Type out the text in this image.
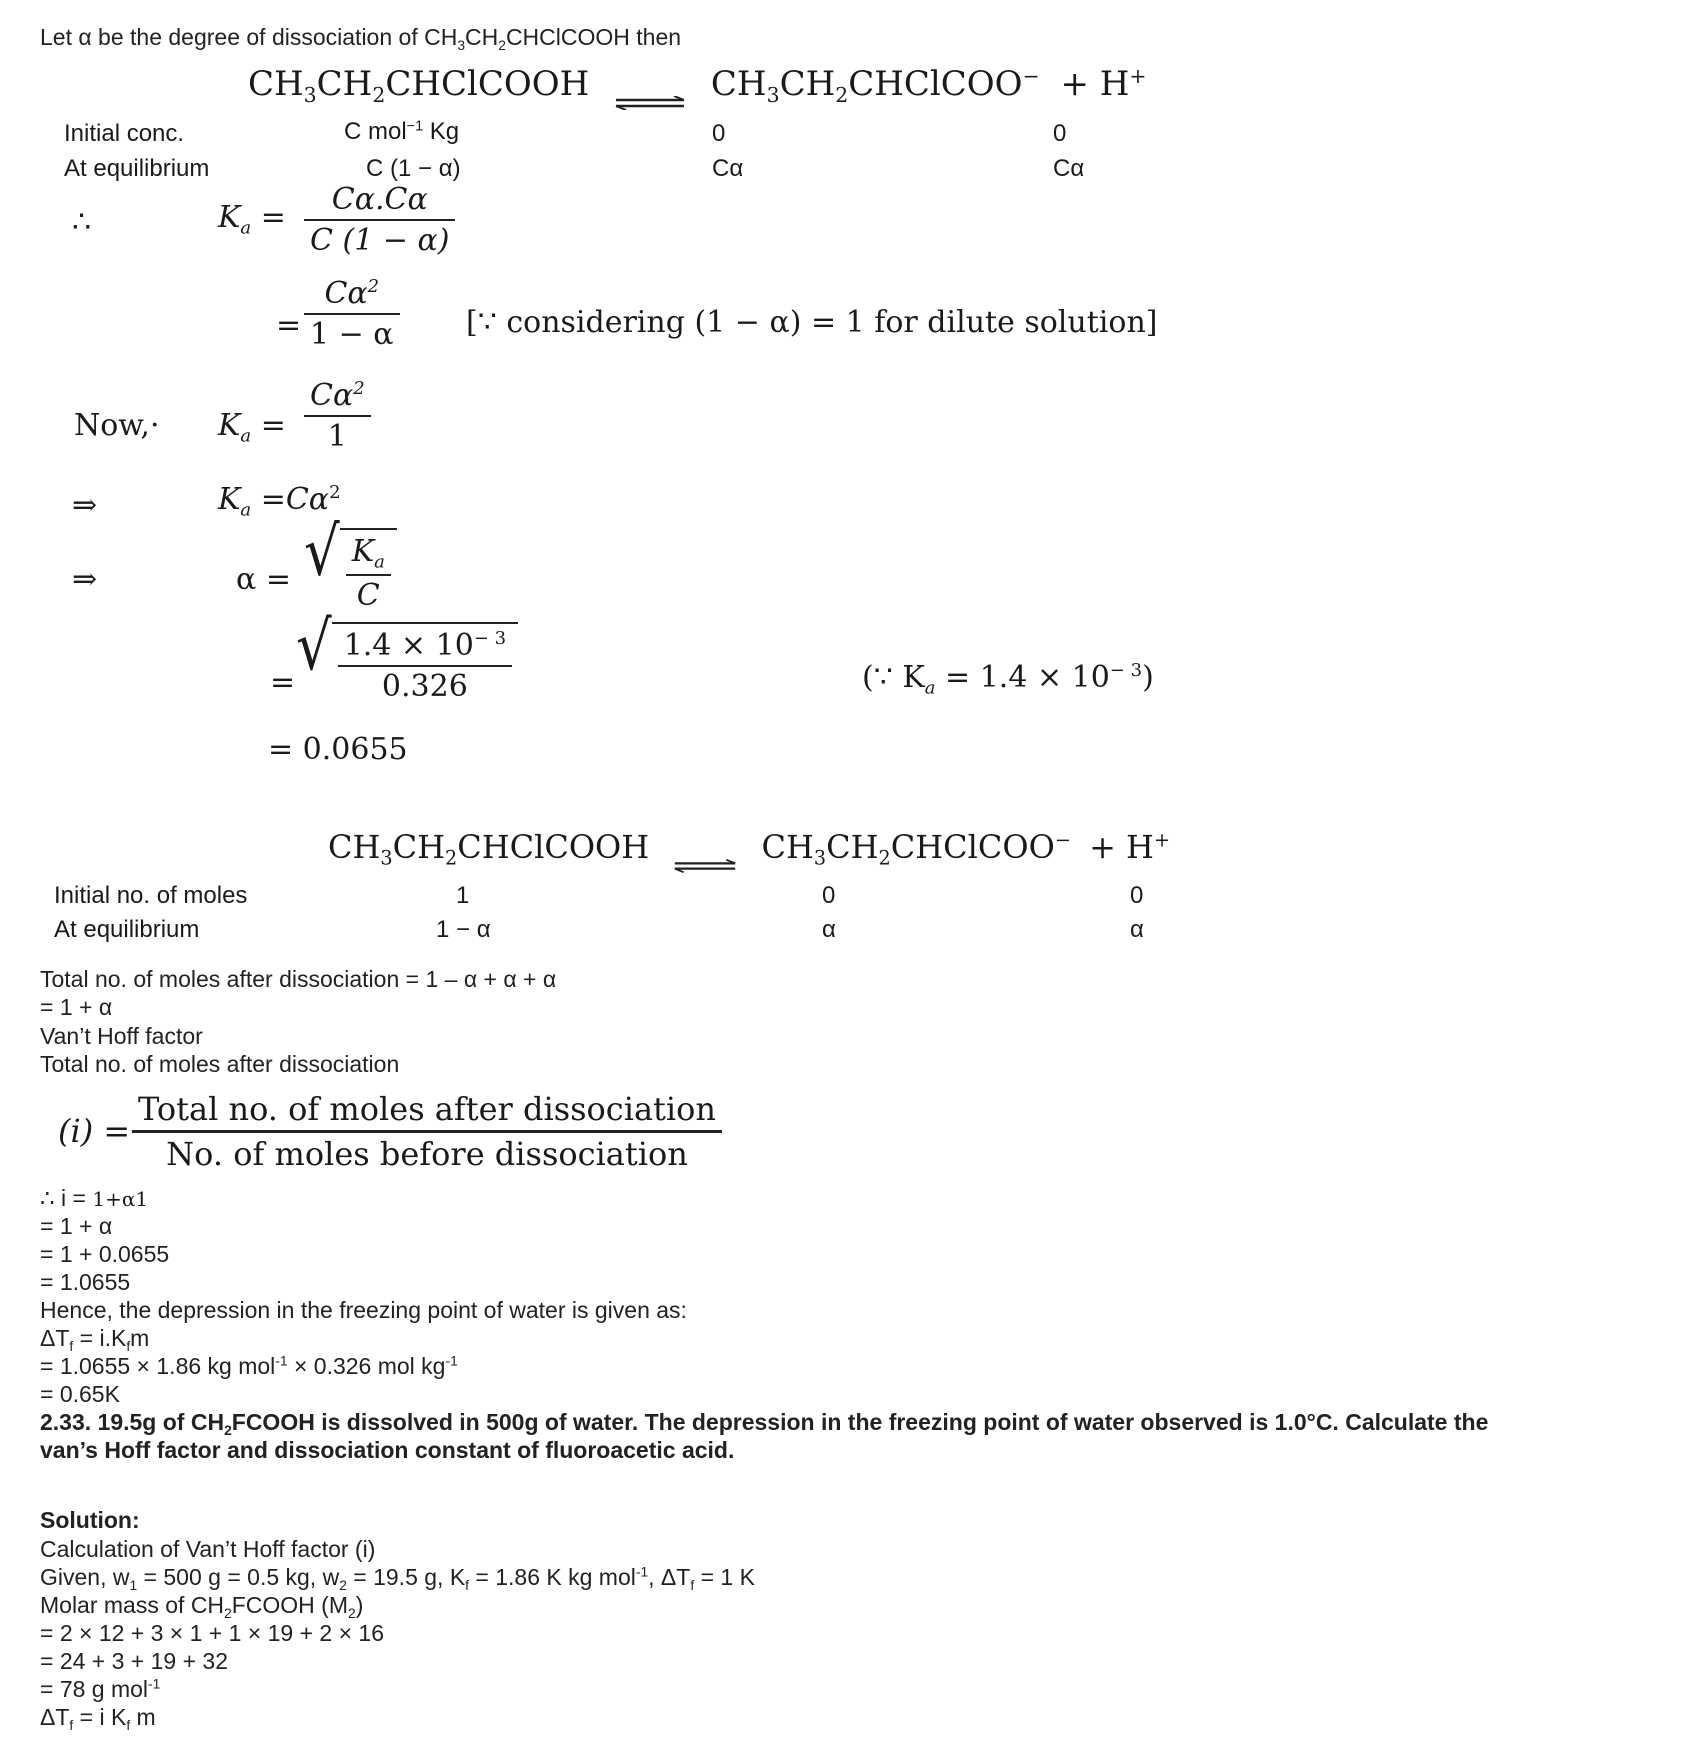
Let α be the degree of dissociation of $CH_3CH_2CHClCOOH$ then
$CH_3CH_2CHClCOOH$ ⇌ $CH_3CH_2CHClCOO^- + H^+$
Initial conc.	C mol$^{-1}$ Kg	0	0
At equilibrium	C (1 − α)	Cα	Cα
∴	$K_a = \frac{C\alpha.C\alpha}{C (1 - \alpha)}$
= $\frac{C\alpha^2}{1 - \alpha}$ [∵ considering (1 − α) = 1 for dilute solution]
$Now,\cdot K_a = \frac{C\alpha^2}{1}$
⇒	$K_a =C\alpha^2$
⇒	α = √ $\frac{K_a}{C}$
= √ $\frac{1.4 \times 10^{- 3}}{0.326}$	(∵ $K_a = 1.4 \times 10^{- 3}$)
= 0.0655
$CH_3CH_2CHClCOOH$ ⇌ $CH_3CH_2CHClCOO^- + H^+$
Initial no. of moles	1	0	0
At equilibrium	1 − α	α	α
Total no. of moles after dissociation = 1 – α + α + α
= 1 + α
Van’t Hoff factor
Total no. of moles after dissociation
$(i) = \frac{\text{Total no. of moles after dissociation}}{\text{No. of moles before dissociation}}$
∴ i = 1+α1
= 1 + α
= 1 + 0.0655
= 1.0655
Hence, the depression in the freezing point of water is given as:
$\Delta T_f = i.K_fm$
= 1.0655 × 1.86 kg mol$^{-1}$ × 0.326 mol $kg^{-1}$
= 0.65K
2.33. 19.5g of $CH_2FCOOH$ is dissolved in 500g of water. The depression in the freezing point of water observed is 1.0°C. Calculate the
van’s Hoff factor and dissociation constant of fluoroacetic acid.
Solution:
Calculation of Van’t Hoff factor (i)
Given, $w_1 = 500$ g = 0.5 kg, $w_2 = 19.5$ g, $K_f = 1.86$ K kg mol$^{-1}$, $\Delta T_f = 1$ K
Molar mass of $CH_2FCOOH$ $(M_2)$
= 2 × 12 + 3 × 1 + 1 × 19 + 2 × 16
= 24 + 3 + 19 + 32
= 78 g mol$^{-1}$
$\Delta T_f = i$ $K_f$ m
